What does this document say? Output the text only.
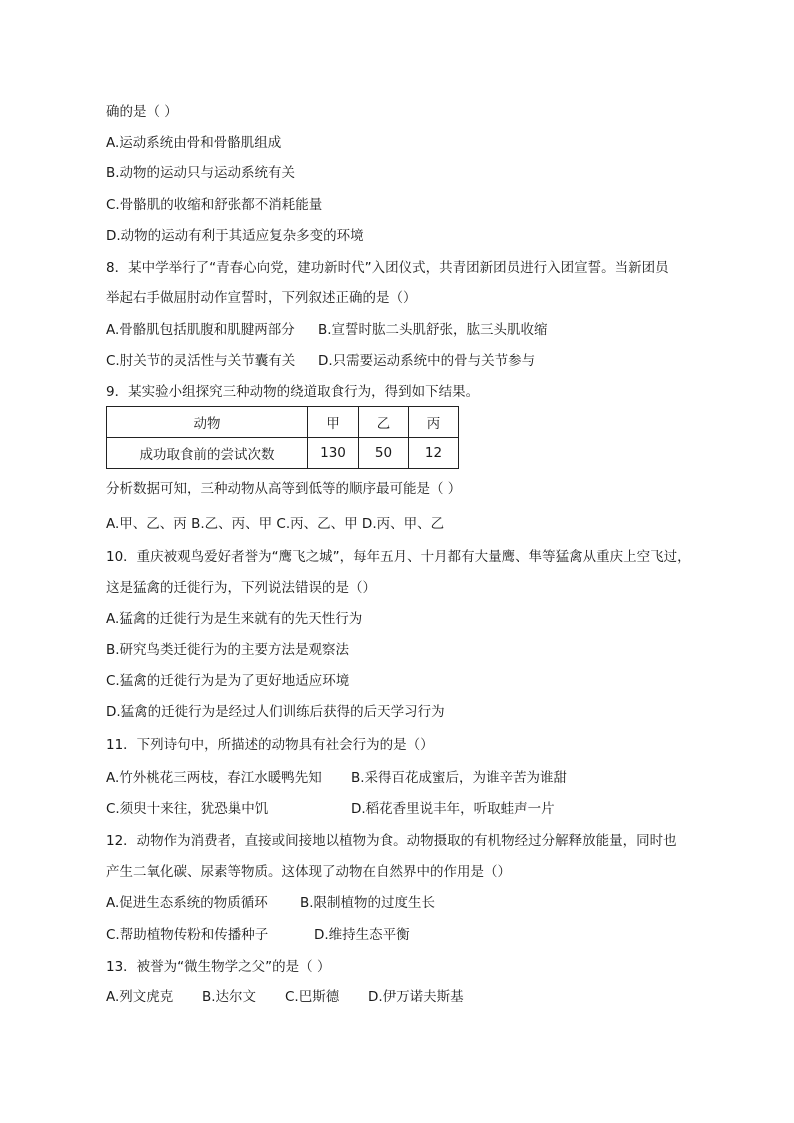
确的是（ ）
A.运动系统由骨和骨骼肌组成
B.动物的运动只与运动系统有关
C.骨骼肌的收缩和舒张都不消耗能量
D.动物的运动有利于其适应复杂多变的环境
8．某中学举行了“青春心向党，建功新时代”入团仪式，共青团新团员进行入团宣誓。当新团员
举起右手做屈肘动作宣誓时，下列叙述正确的是（）
A.骨骼肌包括肌腹和肌腱两部分 B.宣誓时肱二头肌舒张，肱三头肌收缩
C.肘关节的灵活性与关节囊有关 D.只需要运动系统中的骨与关节参与
9．某实验小组探究三种动物的绕道取食行为，得到如下结果。
动物	甲	乙	丙
成功取食前的尝试次数	130	50	12
分析数据可知，三种动物从高等到低等的顺序最可能是（ ）
A.甲、乙、丙 B.乙、丙、甲 C.丙、乙、甲 D.丙、甲、乙
10．重庆被观鸟爱好者誉为“鹰飞之城”，每年五月、十月都有大量鹰、隼等猛禽从重庆上空飞过，
这是猛禽的迁徙行为，下列说法错误的是（）
A.猛禽的迁徙行为是生来就有的先天性行为
B.研究鸟类迁徙行为的主要方法是观察法
C.猛禽的迁徙行为是为了更好地适应环境
D.猛禽的迁徙行为是经过人们训练后获得的后天学习行为
11．下列诗句中，所描述的动物具有社会行为的是（）
A.竹外桃花三两枝，春江水暖鸭先知 B.采得百花成蜜后，为谁辛苦为谁甜
C.须臾十来往，犹恐巢中饥	D.稻花香里说丰年，听取蛙声一片
12．动物作为消费者，直接或间接地以植物为食。动物摄取的有机物经过分解释放能量，同时也
产生二氧化碳、尿素等物质。这体现了动物在自然界中的作用是（）
A.促进生态系统的物质循环 B.限制植物的过度生长
C.帮助植物传粉和传播种子	D.维持生态平衡
13．被誉为“微生物学之父”的是（ ）
A.列文虎克 B.达尔文 C.巴斯德 D.伊万诺夫斯基
